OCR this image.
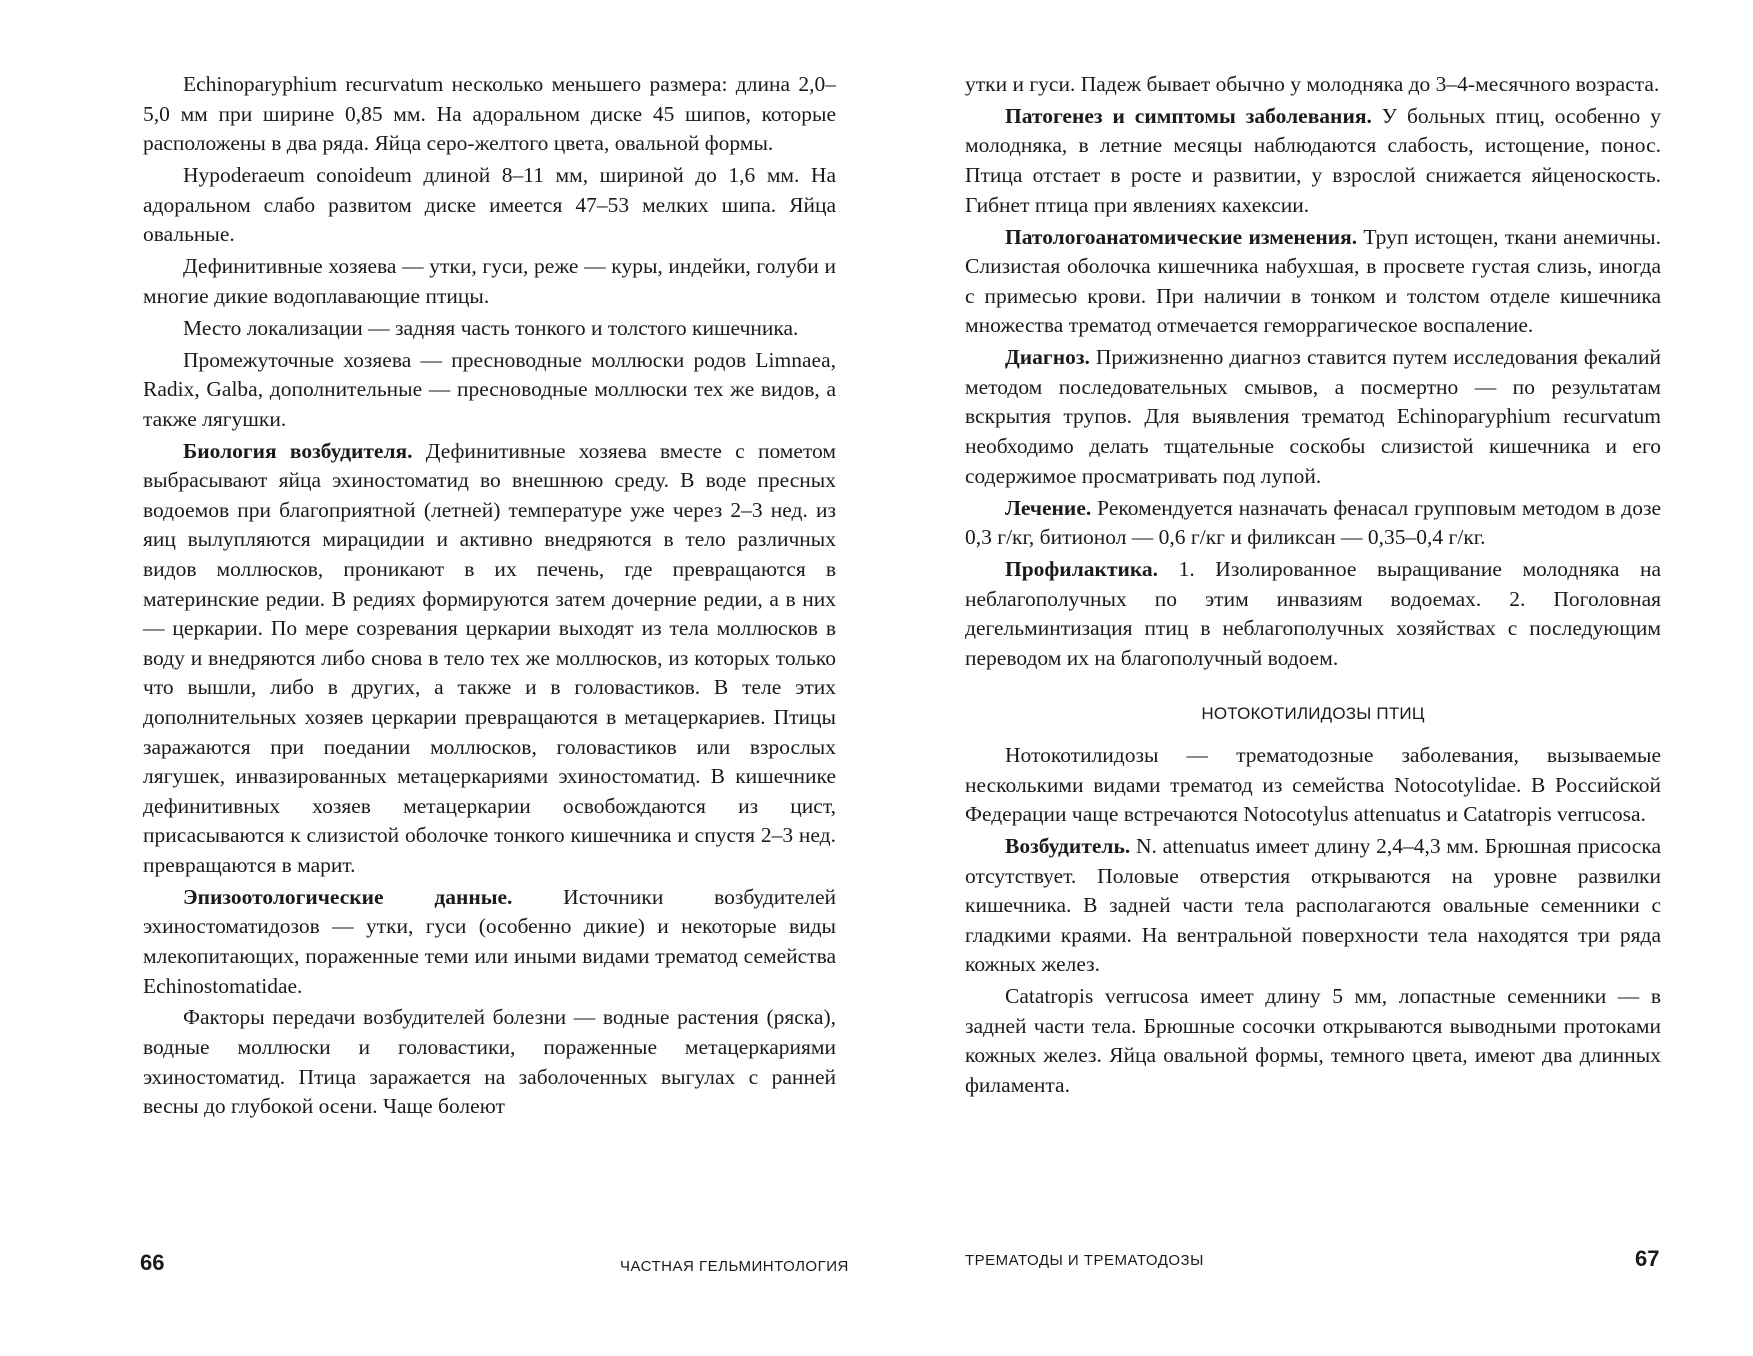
Echinoparyphium recurvatum несколько меньшего размера: длина 2,0–5,0 мм при ширине 0,85 мм. На адоральном диске 45 шипов, которые расположены в два ряда. Яйца серо-желтого цвета, овальной формы.

Hypoderaeum conoideum длиной 8–11 мм, шириной до 1,6 мм. На адоральном слабо развитом диске имеется 47–53 мелких шипа. Яйца овальные.

Дефинитивные хозяева — утки, гуси, реже — куры, индейки, голуби и многие дикие водоплавающие птицы.

Место локализации — задняя часть тонкого и толстого кишечника.

Промежуточные хозяева — пресноводные моллюски родов Limnaea, Radix, Galba, дополнительные — пресноводные моллюски тех же видов, а также лягушки.

Биология возбудителя. Дефинитивные хозяева вместе с пометом выбрасывают яйца эхиностоматид во внешнюю среду. В воде пресных водоемов при благоприятной (летней) температуре уже через 2–3 нед. из яиц вылупляются мирацидии и активно внедряются в тело различных видов моллюсков, проникают в их печень, где превращаются в материнские редии. В редиях формируются затем дочерние редии, а в них — церкарии. По мере созревания церкарии выходят из тела моллюсков в воду и внедряются либо снова в тело тех же моллюсков, из которых только что вышли, либо в других, а также и в головастиков. В теле этих дополнительных хозяев церкарии превращаются в метацеркариев. Птицы заражаются при поедании моллюсков, головастиков или взрослых лягушек, инвазированных метацеркариями эхиностоматид. В кишечнике дефинитивных хозяев метацеркарии освобождаются из цист, присасываются к слизистой оболочке тонкого кишечника и спустя 2–3 нед. превращаются в марит.

Эпизоотологические данные. Источники возбудителей эхиностоматидозов — утки, гуси (особенно дикие) и некоторые виды млекопитающих, пораженные теми или иными видами трематод семейства Echinostomatidae.

Факторы передачи возбудителей болезни — водные растения (ряска), водные моллюски и головастики, пораженные метацеркариями эхиностоматид. Птица заражается на заболоченных выгулах с ранней весны до глубокой осени. Чаще болеют

утки и гуси. Падеж бывает обычно у молодняка до 3–4-месячного возраста.

Патогенез и симптомы заболевания. У больных птиц, особенно у молодняка, в летние месяцы наблюдаются слабость, истощение, понос. Птица отстает в росте и развитии, у взрослой снижается яйценоскость. Гибнет птица при явлениях кахексии.

Патологоанатомические изменения. Труп истощен, ткани анемичны. Слизистая оболочка кишечника набухшая, в просвете густая слизь, иногда с примесью крови. При наличии в тонком и толстом отделе кишечника множества трематод отмечается геморрагическое воспаление.

Диагноз. Прижизненно диагноз ставится путем исследования фекалий методом последовательных смывов, а посмертно — по результатам вскрытия трупов. Для выявления трематод Echinoparyphium recurvatum необходимо делать тщательные соскобы слизистой кишечника и его содержимое просматривать под лупой.

Лечение. Рекомендуется назначать фенасал групповым методом в дозе 0,3 г/кг, битионол — 0,6 г/кг и филиксан — 0,35–0,4 г/кг.

Профилактика. 1. Изолированное выращивание молодняка на неблагополучных по этим инвазиям водоемах. 2. Поголовная дегельминтизация птиц в неблагополучных хозяйствах с последующим переводом их на благополучный водоем.

НОТОКОТИЛИДОЗЫ ПТИЦ

Нотокотилидозы — трематодозные заболевания, вызываемые несколькими видами трематод из семейства Notocotylidae. В Российской Федерации чаще встречаются Notocotylus attenuatus и Catatropis verrucosa.

Возбудитель. N. attenuatus имеет длину 2,4–4,3 мм. Брюшная присоска отсутствует. Половые отверстия открываются на уровне развилки кишечника. В задней части тела располагаются овальные семенники с гладкими краями. На вентральной поверхности тела находятся три ряда кожных желез.

Catatropis verrucosa имеет длину 5 мм, лопастные семенники — в задней части тела. Брюшные сосочки открываются выводными протоками кожных желез. Яйца овальной формы, темного цвета, имеют два длинных филамента.

66	ЧАСТНАЯ ГЕЛЬМИНТОЛОГИЯ	ТРЕМАТОДЫ И ТРЕМАТОДОЗЫ	67
